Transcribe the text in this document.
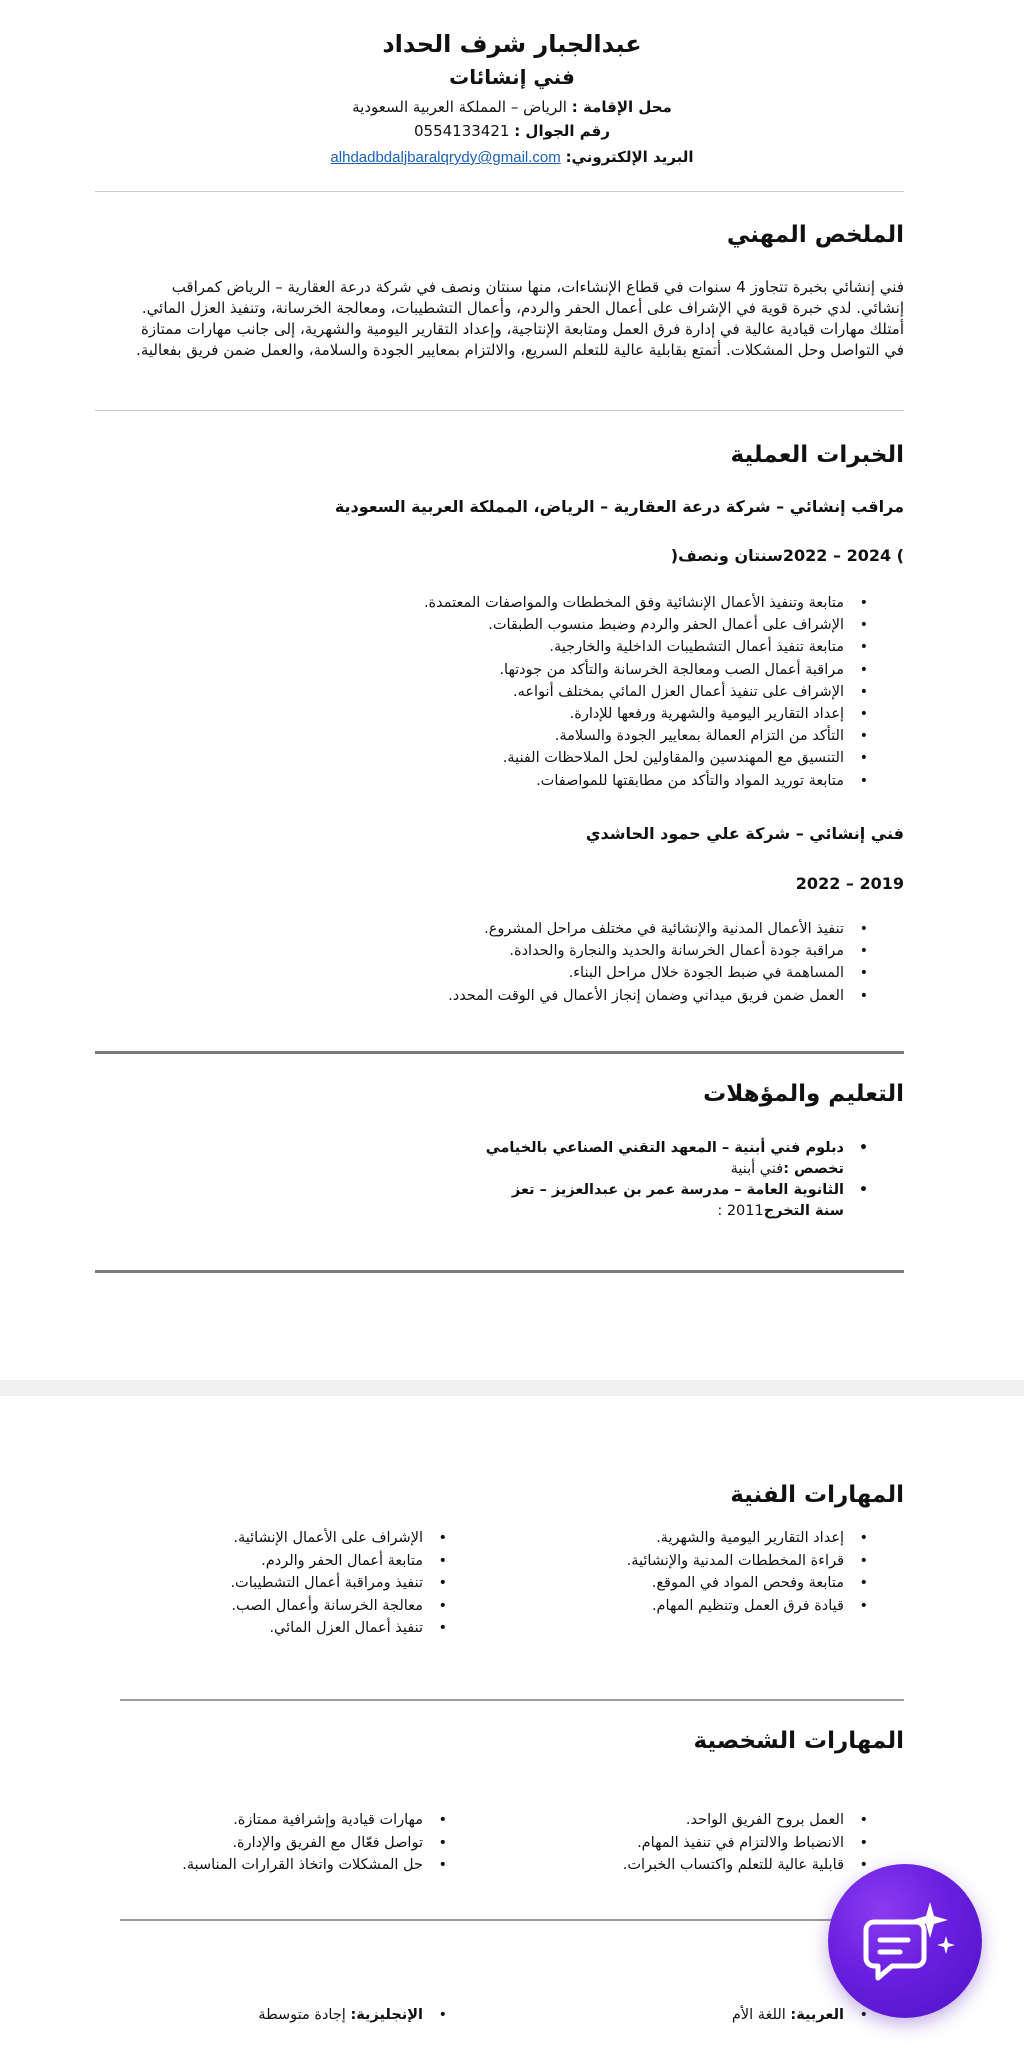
عبدالجبار شرف الحداد
فني إنشائات
محل الإقامة : الرياض – المملكة العربية السعودية
رقم الجوال : 0554133421
البريد الإلكتروني: alhdadbdaljbaralqrydy@gmail.com
الملخص المهني
فني إنشائي بخبرة تتجاوز 4 سنوات في قطاع الإنشاءات، منها سنتان ونصف في شركة درعة العقارية – الرياض كمراقب
إنشائي. لدي خبرة قوية في الإشراف على أعمال الحفر والردم، وأعمال التشطيبات، ومعالجة الخرسانة، وتنفيذ العزل المائي.
أمتلك مهارات قيادية عالية في إدارة فرق العمل ومتابعة الإنتاجية، وإعداد التقارير اليومية والشهرية، إلى جانب مهارات ممتازة
في التواصل وحل المشكلات. أتمتع بقابلية عالية للتعلم السريع، والالتزام بمعايير الجودة والسلامة، والعمل ضمن فريق بفعالية.
الخبرات العملية
مراقب إنشائي – شركة درعة العقارية – الرياض، المملكة العربية السعودية
) 2024 – 2022سنتان ونصف(
• متابعة وتنفيذ الأعمال الإنشائية وفق المخططات والمواصفات المعتمدة.
• الإشراف على أعمال الحفر والردم وضبط منسوب الطبقات.
• متابعة تنفيذ أعمال التشطيبات الداخلية والخارجية.
• مراقبة أعمال الصب ومعالجة الخرسانة والتأكد من جودتها.
• الإشراف على تنفيذ أعمال العزل المائي بمختلف أنواعه.
• إعداد التقارير اليومية والشهرية ورفعها للإدارة.
• التأكد من التزام العمالة بمعايير الجودة والسلامة.
• التنسيق مع المهندسين والمقاولين لحل الملاحظات الفنية.
• متابعة توريد المواد والتأكد من مطابقتها للمواصفات.
فني إنشائي – شركة علي حمود الحاشدي
2019 – 2022
• تنفيذ الأعمال المدنية والإنشائية في مختلف مراحل المشروع.
• مراقبة جودة أعمال الخرسانة والحديد والنجارة والحدادة.
• المساهمة في ضبط الجودة خلال مراحل البناء.
• العمل ضمن فريق ميداني وضمان إنجاز الأعمال في الوقت المحدد.
التعليم والمؤهلات
• دبلوم فني أبنية – المعهد التقني الصناعي بالخيامي
تخصص :فني أبنية
• الثانوية العامة – مدرسة عمر بن عبدالعزيز – تعز
سنة التخرج2011 :
المهارات الفنية
• إعداد التقارير اليومية والشهرية.
• قراءة المخططات المدنية والإنشائية.
• متابعة وفحص المواد في الموقع.
• قيادة فرق العمل وتنظيم المهام.
• الإشراف على الأعمال الإنشائية.
• متابعة أعمال الحفر والردم.
• تنفيذ ومراقبة أعمال التشطيبات.
• معالجة الخرسانة وأعمال الصب.
• تنفيذ أعمال العزل المائي.
المهارات الشخصية
• العمل بروح الفريق الواحد.
• الانضباط والالتزام في تنفيذ المهام.
• قابلية عالية للتعلم واكتساب الخبرات.
• مهارات قيادية وإشرافية ممتازة.
• تواصل فعّال مع الفريق والإدارة.
• حل المشكلات واتخاذ القرارات المناسبة.
• العربية: اللغة الأم
• الإنجليزية: إجادة متوسطة
